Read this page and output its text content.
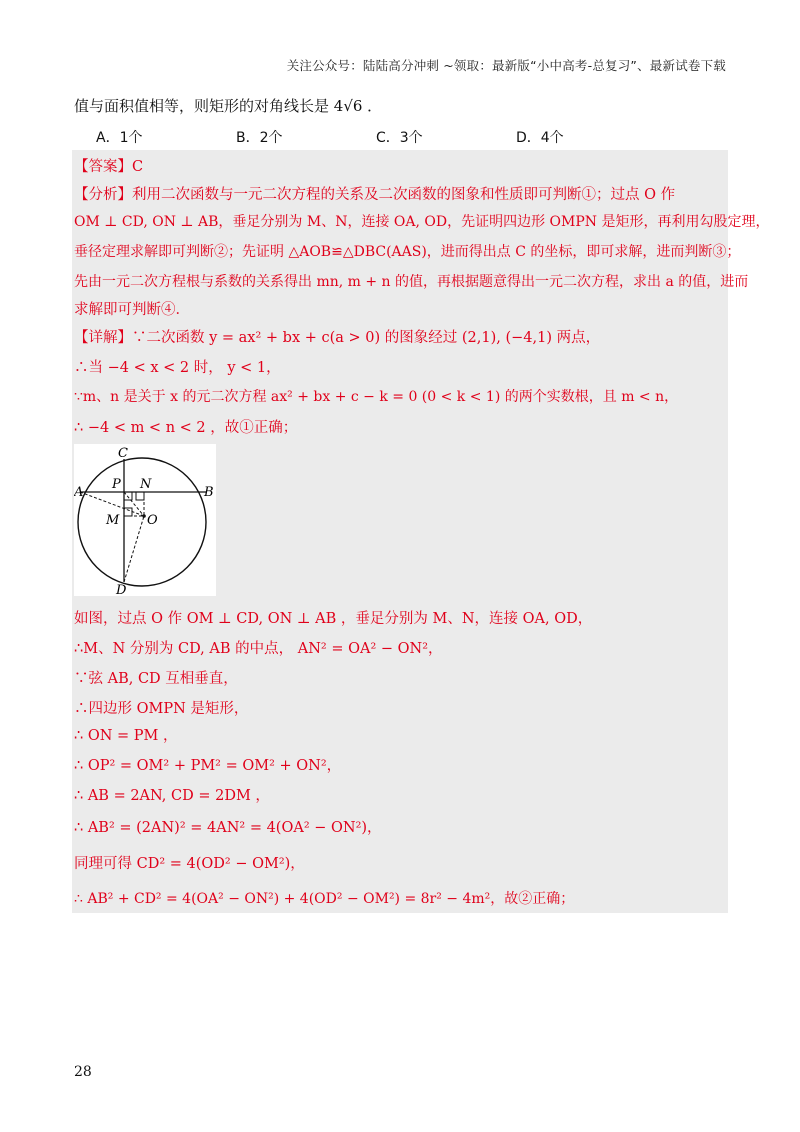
关注公众号：陆陆高分冲刺 ~领取：最新版“小中高考-总复习”、最新试卷下载
值与面积值相等，则矩形的对角线长是 4√6 ．
A．1个	B．2个	C．3个	D．4个
【答案】C
【分析】利用二次函数与一元二次方程的关系及二次函数的图象和性质即可判断①；过点 O 作
OM ⊥ CD, ON ⊥ AB，垂足分别为 M、N，连接 OA, OD，先证明四边形 OMPN 是矩形，再利用勾股定理，
垂径定理求解即可判断②；先证明 △AOB≌△DBC(AAS)，进而得出点 C 的坐标，即可求解，进而判断③；
先由一元二次方程根与系数的关系得出 mn, m + n 的值，再根据题意得出一元二次方程，求出 a 的值，进而
求解即可判断④．
【详解】∵二次函数 y = ax² + bx + c(a > 0) 的图象经过 (2,1), (−4,1) 两点，
∴当 −4 < x < 2 时， y < 1，
∵m、n 是关于 x 的元二次方程 ax² + bx + c − k = 0 (0 < k < 1) 的两个实数根，且 m < n，
∴ −4 < m < n < 2 ，故①正确；
C
A	B
P N
M O
D
如图，过点 O 作 OM ⊥ CD, ON ⊥ AB ，垂足分别为 M、N，连接 OA, OD，
∴M、N 分别为 CD, AB 的中点， AN² = OA² − ON²，
∵弦 AB, CD 互相垂直，
∴四边形 OMPN 是矩形，
∴ ON = PM ，
∴ OP² = OM² + PM² = OM² + ON²，
∴ AB = 2AN, CD = 2DM ，
∴ AB² = (2AN)² = 4AN² = 4(OA² − ON²)，
同理可得 CD² = 4(OD² − OM²)，
∴ AB² + CD² = 4(OA² − ON²) + 4(OD² − OM²) = 8r² − 4m²，故②正确；
28
